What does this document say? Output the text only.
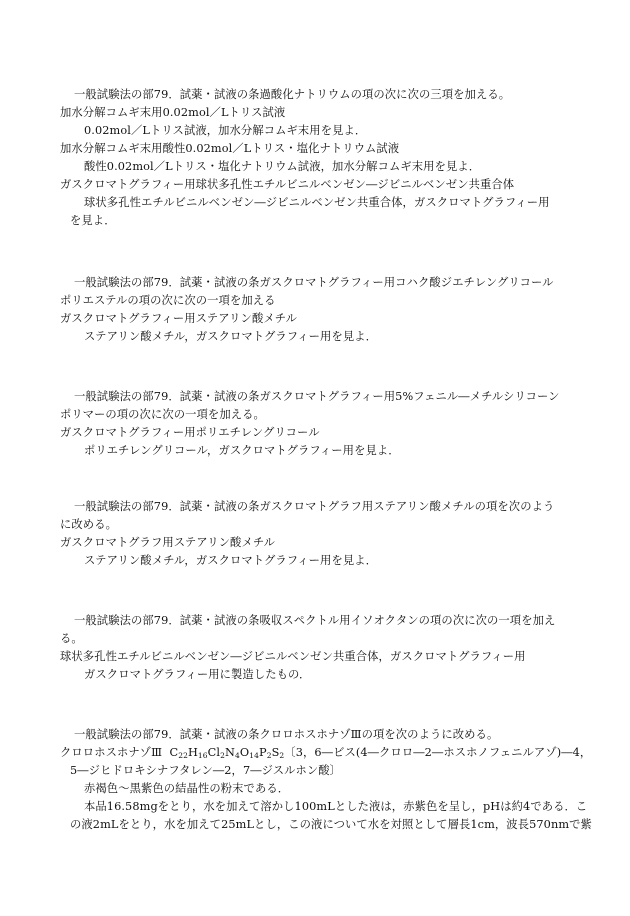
一般試験法の部79．試薬・試液の条過酸化ナトリウムの項の次に次の三項を加える。
加水分解コムギ末用0.02mol／Lトリス試液
0.02mol／Lトリス試液，加水分解コムギ末用を見よ．
加水分解コムギ末用酸性0.02mol／Lトリス・塩化ナトリウム試液
酸性0.02mol／Lトリス・塩化ナトリウム試液，加水分解コムギ末用を見よ．
ガスクロマトグラフィー用球状多孔性エチルビニルベンゼン―ジビニルベンゼン共重合体
球状多孔性エチルビニルベンゼン―ジビニルベンゼン共重合体，ガスクロマトグラフィー用
を見よ．
一般試験法の部79．試薬・試液の条ガスクロマトグラフィー用コハク酸ジエチレングリコール
ポリエステルの項の次に次の一項を加える
ガスクロマトグラフィー用ステアリン酸メチル
ステアリン酸メチル，ガスクロマトグラフィー用を見よ．
一般試験法の部79．試薬・試液の条ガスクロマトグラフィー用5%フェニル―メチルシリコーン
ポリマーの項の次に次の一項を加える。
ガスクロマトグラフィー用ポリエチレングリコール
ポリエチレングリコール，ガスクロマトグラフィー用を見よ．
一般試験法の部79．試薬・試液の条ガスクロマトグラフ用ステアリン酸メチルの項を次のよう
に改める。
ガスクロマトグラフ用ステアリン酸メチル
ステアリン酸メチル，ガスクロマトグラフィー用を見よ．
一般試験法の部79．試薬・試液の条吸収スペクトル用イソオクタンの項の次に次の一項を加え
る。
球状多孔性エチルビニルベンゼン―ジビニルベンゼン共重合体，ガスクロマトグラフィー用
ガスクロマトグラフィー用に製造したもの．
一般試験法の部79．試薬・試液の条クロロホスホナゾⅢの項を次のように改める。
クロロホスホナゾⅢ $C_{22}H_{16}Cl_2N_4O_{14}P_2S_2$〔3，6―ビス(4―クロロ―2―ホスホノフェニルアゾ)―4，
5―ジヒドロキシナフタレン―2，7―ジスルホン酸〕
赤褐色～黒紫色の結晶性の粉末である．
本品16.58mgをとり，水を加えて溶かし100mLとした液は，赤紫色を呈し，pHは約4である．こ
の液2mLをとり，水を加えて25mLとし，この液について水を対照として層長1cm，波長570nmで紫
